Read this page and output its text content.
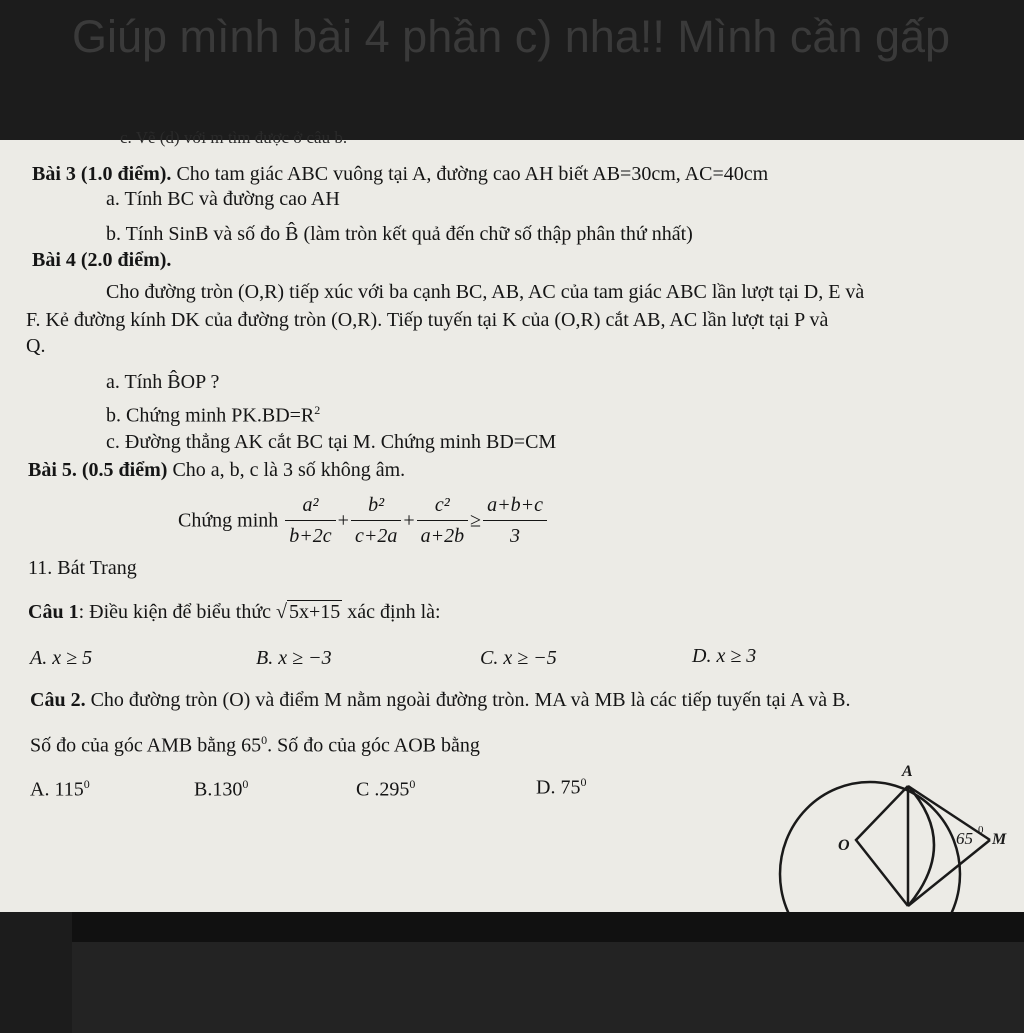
Giúp mình bài 4 phần c) nha!! Mình cần gấp
c. Vẽ (d) với m tìm được ở câu b.
Bài 3 (1.0 điểm). Cho tam giác ABC vuông tại A, đường cao AH biết AB=30cm, AC=40cm
a. Tính BC và đường cao AH
b. Tính SinB và số đo B̂ (làm tròn kết quả đến chữ số thập phân thứ nhất)
Bài 4 (2.0 điểm).
Cho đường tròn (O,R) tiếp xúc với ba cạnh BC, AB, AC của tam giác ABC lần lượt tại D, E và
F. Kẻ đường kính DK của đường tròn (O,R). Tiếp tuyến tại K của (O,R) cắt AB, AC lần lượt tại P và
Q.
a. Tính B̂OP ?
b. Chứng minh $PK.BD=R^2$
c. Đường thẳng AK cắt BC tại M. Chứng minh BD=CM
Bài 5. (0.5 điểm) Cho a, b, c là 3 số không âm.
Chứng minh $\frac{\text{a²}}{b+2c} + \frac{\text{b²}}{c+2a} + \frac{\text{c²}}{a+2b} \ge \frac{a+b+c}{3}$
11. Bát Trang
Câu 1: Điều kiện để biểu thức √ 5x+15 xác định là:
A. x ≥ 5	B. x ≥ −3	C. x ≥ −5	D. x ≥ 3
Câu 2. Cho đường tròn (O) và điểm M nằm ngoài đường tròn. MA và MB là các tiếp tuyến tại A và B.
Số đo của góc AMB bằng $65^0$. Số đo của góc AOB bằng
A. $115^0$	B.130$^0$	C .295$^0$	D. $75^0$
A
O	M
65 0
